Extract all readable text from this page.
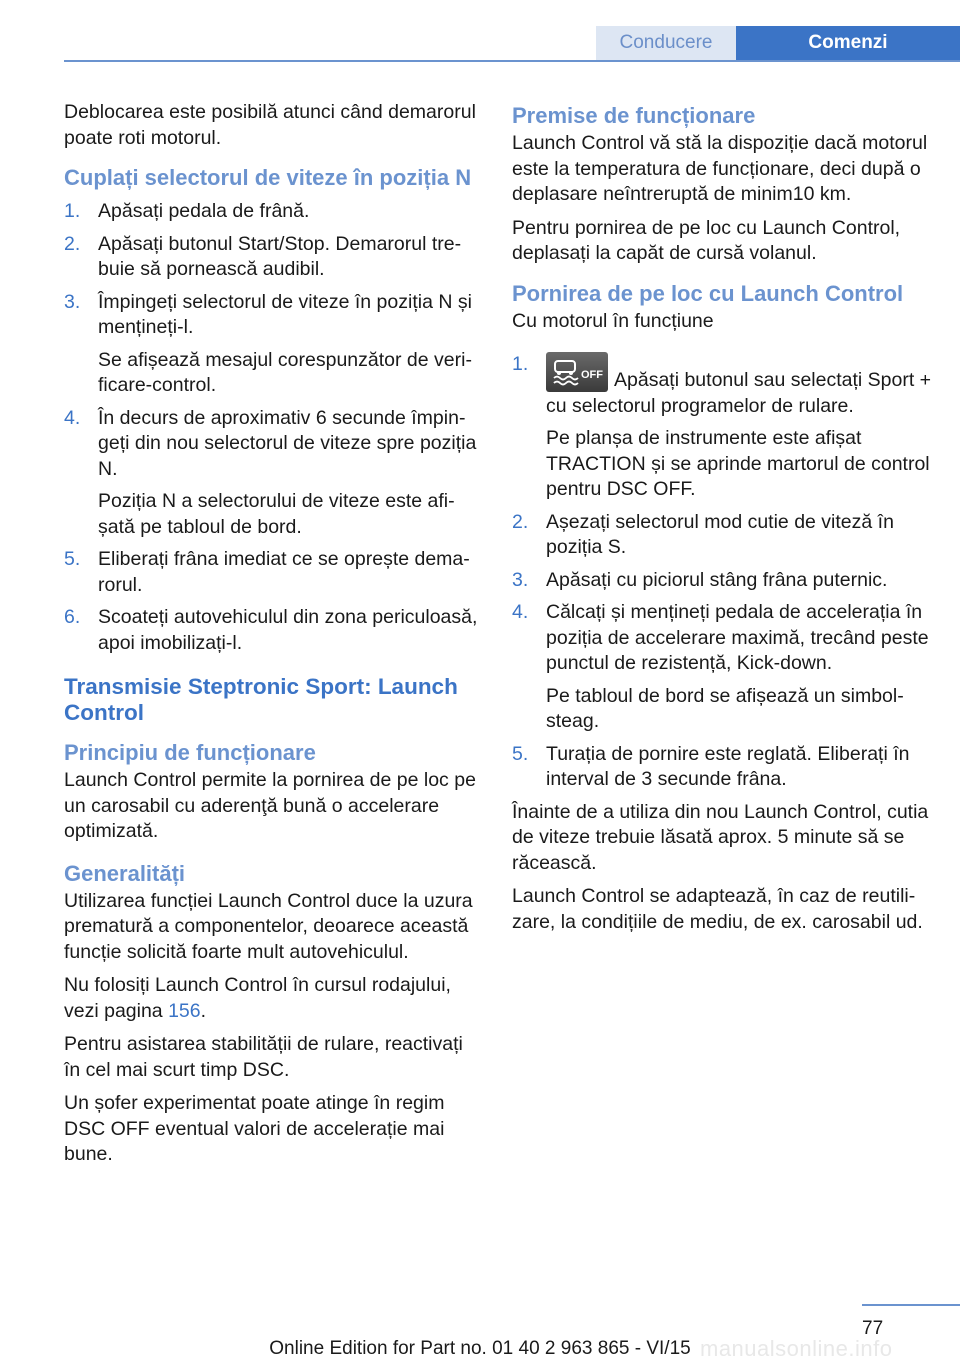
Conducere	Comenzi

Deblocarea este posibilă atunci când demarorul poate roti motorul.

Cuplați selectorul de viteze în poziția N
1. Apăsați pedala de frână.
2. Apăsați butonul Start/Stop. Demarorul trebuie să pornească audibil.
3. Împingeți selectorul de viteze în poziția N și mențineți-l.
Se afișează mesajul corespunzător de verificare-control.
4. În decurs de aproximativ 6 secunde împingeți din nou selectorul de viteze spre poziția N.
Poziția N a selectorului de viteze este afișată pe tabloul de bord.
5. Eliberați frâna imediat ce se oprește demarorul.
6. Scoateți autovehiculul din zona periculoasă, apoi imobilizați-l.
Transmisie Steptronic Sport: Launch Control
Principiu de funcționare

Launch Control permite la pornirea de pe loc pe un carosabil cu aderenţă bună o accelerare optimizată.

Generalități

Utilizarea funcției Launch Control duce la uzura prematură a componentelor, deoarece această funcție solicită foarte mult autovehiculul.

Nu folosiți Launch Control în cursul rodajului, vezi pagina 156.

Pentru asistarea stabilității de rulare, reactivați în cel mai scurt timp DSC.

Un șofer experimentat poate atinge în regim DSC OFF eventual valori de accelerație mai bune.

Premise de funcționare

Launch Control vă stă la dispoziție dacă motorul este la temperatura de funcționare, deci după o deplasare neîntreruptă de minim10 km.

Pentru pornirea de pe loc cu Launch Control, deplasați la capăt de cursă volanul.

Pornirea de pe loc cu Launch Control

Cu motorul în funcțiune

1.	OFF Apăsați butonul sau selectați Sport + cu selectorul programelor de rulare.
Pe planșa de instrumente este afișat TRACTION și se aprinde martorul de control pentru DSC OFF.
2. Așezați selectorul mod cutie de viteză în poziția S.
3. Apăsați cu piciorul stâng frâna puternic.
4. Călcați și mențineți pedala de accelerația în poziția de accelerare maximă, trecând peste punctul de rezistență, Kick-down.
Pe tabloul de bord se afișează un simbol-steag.
5. Turația de pornire este reglată. Eliberați în interval de 3 secunde frâna.

Înainte de a utiliza din nou Launch Control, cutia de viteze trebuie lăsată aprox. 5 minute să se răcească.

Launch Control se adaptează, în caz de reutilizare, la condițiile de mediu, de ex. carosabil ud.

77
manualsonline.info
Online Edition for Part no. 01 40 2 963 865 - VI/15
